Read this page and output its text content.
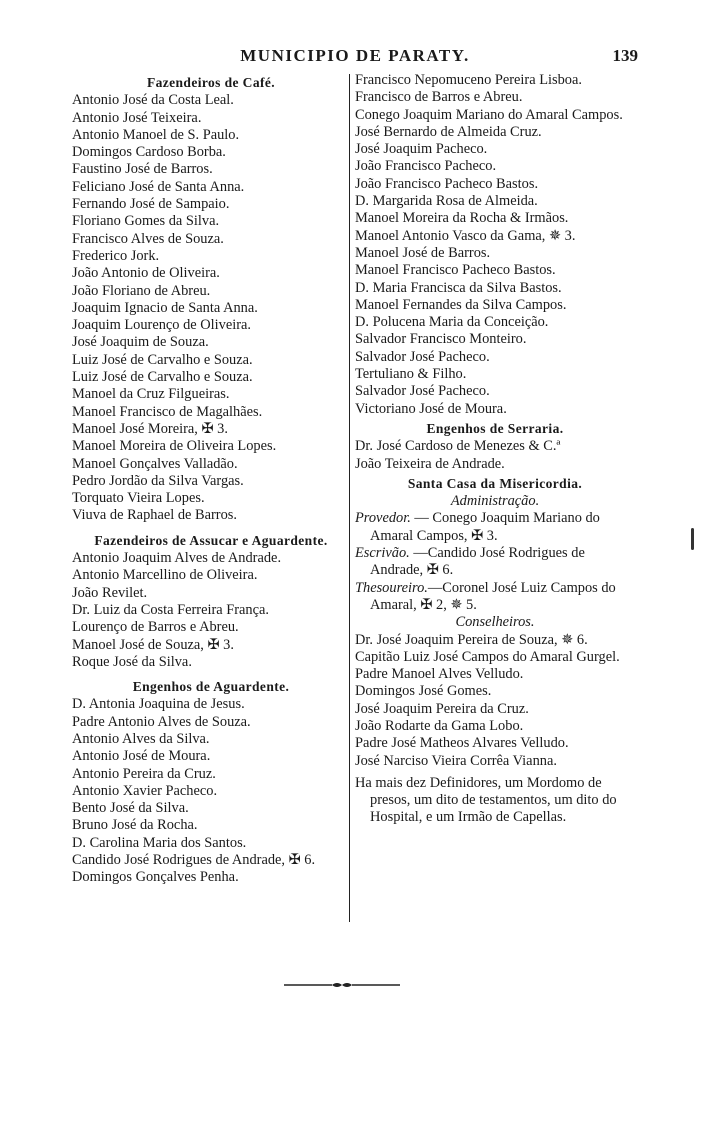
MUNICIPIO DE PARATY.	139
Fazendeiros de Café.
Antonio José da Costa Leal.
Antonio José Teixeira.
Antonio Manoel de S. Paulo.
Domingos Cardoso Borba.
Faustino José de Barros.
Feliciano José de Santa Anna.
Fernando José de Sampaio.
Floriano Gomes da Silva.
Francisco Alves de Souza.
Frederico Jork.
João Antonio de Oliveira.
João Floriano de Abreu.
Joaquim Ignacio de Santa Anna.
Joaquim Lourenço de Oliveira.
José Joaquim de Souza.
Luiz José de Carvalho e Souza.
Luiz José de Carvalho e Souza.
Manoel da Cruz Filgueiras.
Manoel Francisco de Magalhães.
Manoel José Moreira, ✠ 3.
Manoel Moreira de Oliveira Lopes.
Manoel Gonçalves Valladão.
Pedro Jordão da Silva Vargas.
Torquato Vieira Lopes.
Viuva de Raphael de Barros.
Fazendeiros de Assucar e Aguardente.
Antonio Joaquim Alves de Andrade.
Antonio Marcellino de Oliveira.
João Revilet.
Dr. Luiz da Costa Ferreira França.
Lourenço de Barros e Abreu.
Manoel José de Souza, ✠ 3.
Roque José da Silva.
Engenhos de Aguardente.
D. Antonia Joaquina de Jesus.
Padre Antonio Alves de Souza.
Antonio Alves da Silva.
Antonio José de Moura.
Antonio Pereira da Cruz.
Antonio Xavier Pacheco.
Bento José da Silva.
Bruno José da Rocha.
D. Carolina Maria dos Santos.
Candido José Rodrigues de Andrade, ✠ 6.
Domingos Gonçalves Penha.
Francisco Nepomuceno Pereira Lisboa.
Francisco de Barros e Abreu.
Conego Joaquim Mariano do Amaral Campos.
José Bernardo de Almeida Cruz.
José Joaquim Pacheco.
João Francisco Pacheco.
João Francisco Pacheco Bastos.
D. Margarida Rosa de Almeida.
Manoel Moreira da Rocha & Irmãos.
Manoel Antonio Vasco da Gama, ✵ 3.
Manoel José de Barros.
Manoel Francisco Pacheco Bastos.
D. Maria Francisca da Silva Bastos.
Manoel Fernandes da Silva Campos.
D. Polucena Maria da Conceição.
Salvador Francisco Monteiro.
Salvador José Pacheco.
Tertuliano & Filho.
Salvador José Pacheco.
Victoriano José de Moura.
Engenhos de Serraria.
Dr. José Cardoso de Menezes & C.ª
João Teixeira de Andrade.
Santa Casa da Misericordia.
Administração.
Provedor. — Conego Joaquim Mariano do Amaral Campos, ✠ 3.
Escrivão. —Candido José Rodrigues de Andrade, ✠ 6.
Thesoureiro.—Coronel José Luiz Campos do Amaral, ✠ 2, ✵ 5.
Conselheiros.
Dr. José Joaquim Pereira de Souza, ✵ 6.
Capitão Luiz José Campos do Amaral Gurgel.
Padre Manoel Alves Velludo.
Domingos José Gomes.
José Joaquim Pereira da Cruz.
João Rodarte da Gama Lobo.
Padre José Matheos Alvares Velludo.
José Narciso Vieira Corrêa Vianna.
Ha mais dez Definidores, um Mordomo de presos, um dito de testamentos, um dito do Hospital, e um Irmão de Capellas.
